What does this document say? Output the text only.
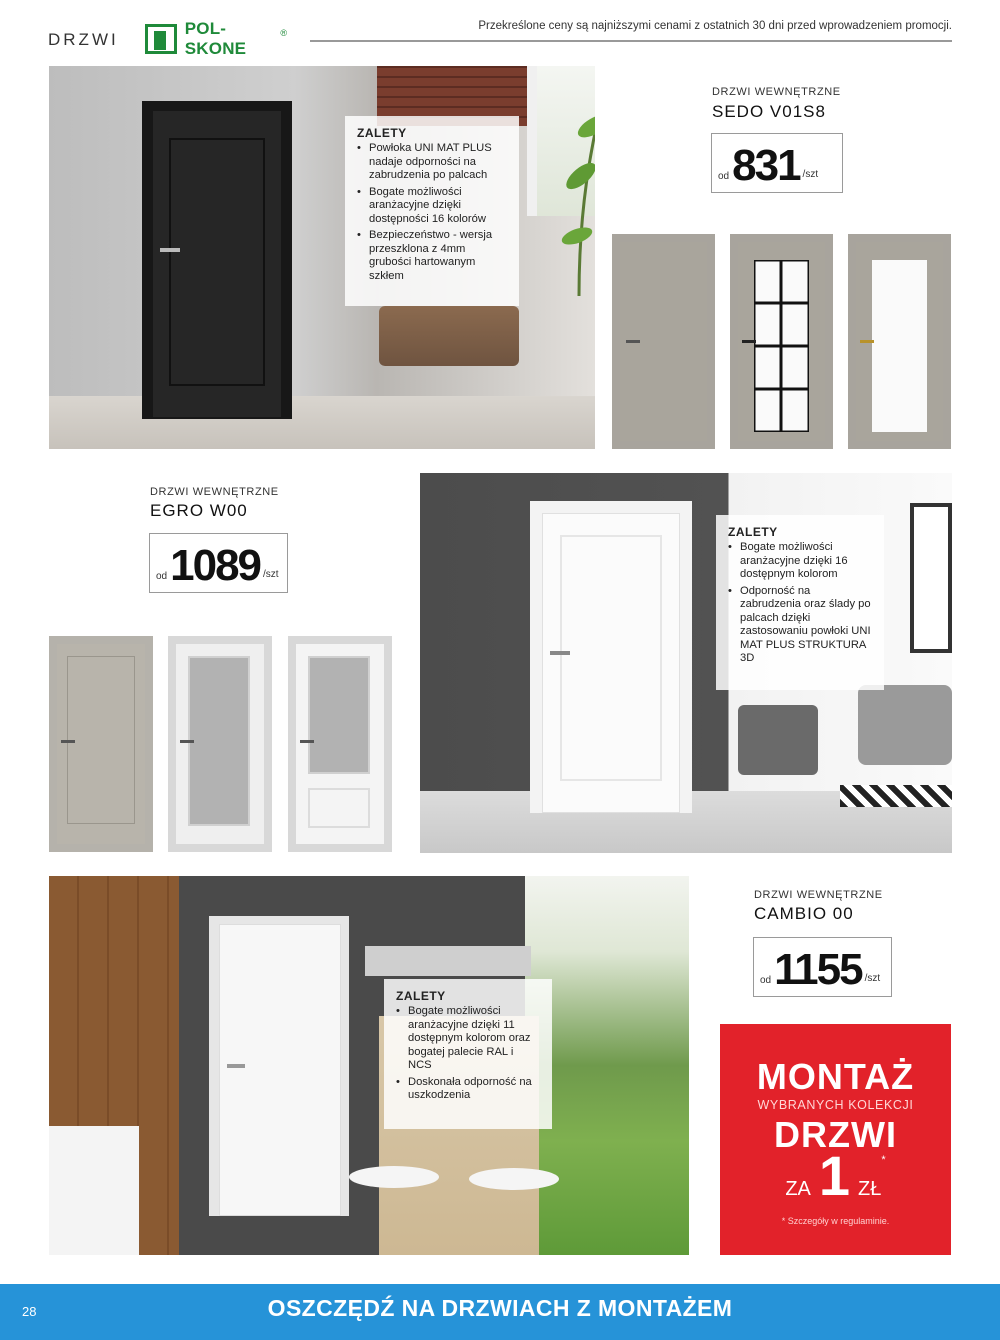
DRZWI
POL-SKONE
®
Przekreślone ceny są najniższymi cenami z ostatnich 30 dni przed wprowadzeniem promocji.
ZALETY
• Powłoka UNI MAT PLUS nadaje odporności na zabrudzenia po palcach
• Bogate możliwości aranżacyjne dzięki dostępności 16 kolorów
• Bezpieczeństwo - wersja przeszklona z 4mm grubości hartowanym szkłem
DRZWI WEWNĘTRZNE
SEDO V01S8
od 831 /szt
DRZWI WEWNĘTRZNE
EGRO W00
od 1089 /szt
ZALETY
• Bogate możliwości aranżacyjne dzięki 16 dostępnym kolorom
• Odporność na zabrudzenia oraz ślady po palcach dzięki zastosowaniu powłoki UNI MAT PLUS STRUKTURA 3D
ZALETY
• Bogate możliwości aranżacyjne dzięki 11 dostępnym kolorom oraz bogatej palecie RAL i NCS
• Doskonała odporność na uszkodzenia
DRZWI WEWNĘTRZNE
CAMBIO 00
od 1155 /szt
MONTAŻ
WYBRANYCH KOLEKCJI
DRZWI
ZA 1 ZŁ
*
* Szczegóły w regulaminie.
28	OSZCZĘDŹ NA DRZWIACH Z MONTAŻEM
